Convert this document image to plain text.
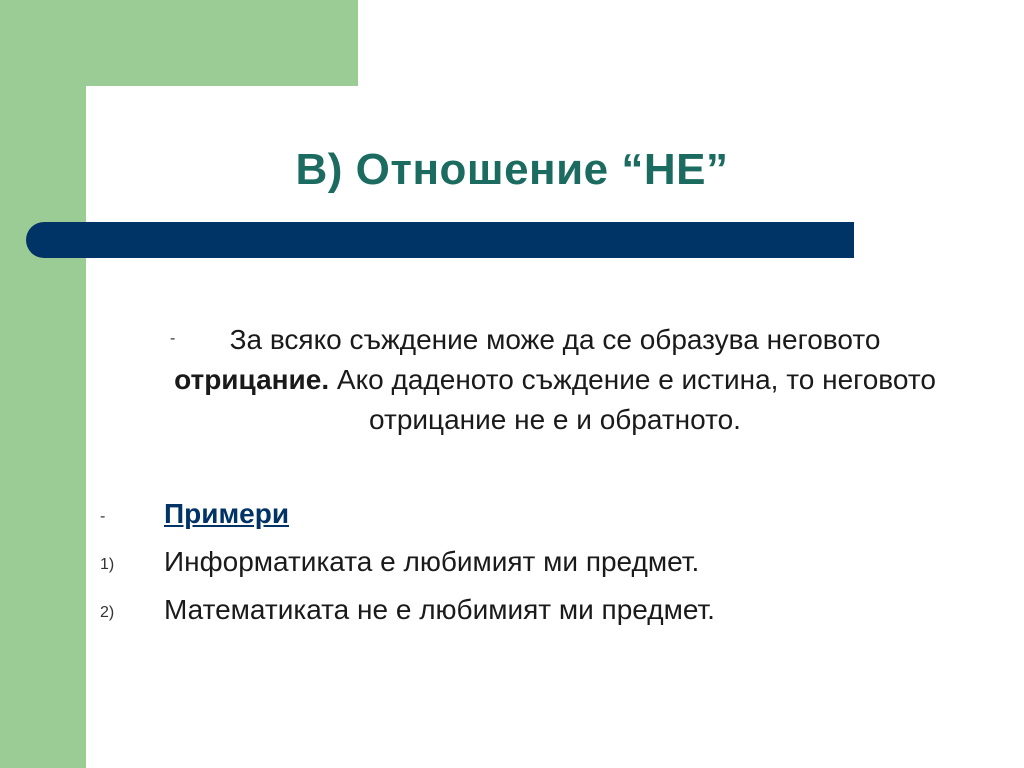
В) Отношение “НЕ”
-	За всяко съждение може да се образува неговото отрицание. Ако даденото съждение е истина, то неговото отрицание не е и обратното.

- Примери
1) Информатиката е любимият ми предмет.
2) Математиката не е любимият ми предмет.
